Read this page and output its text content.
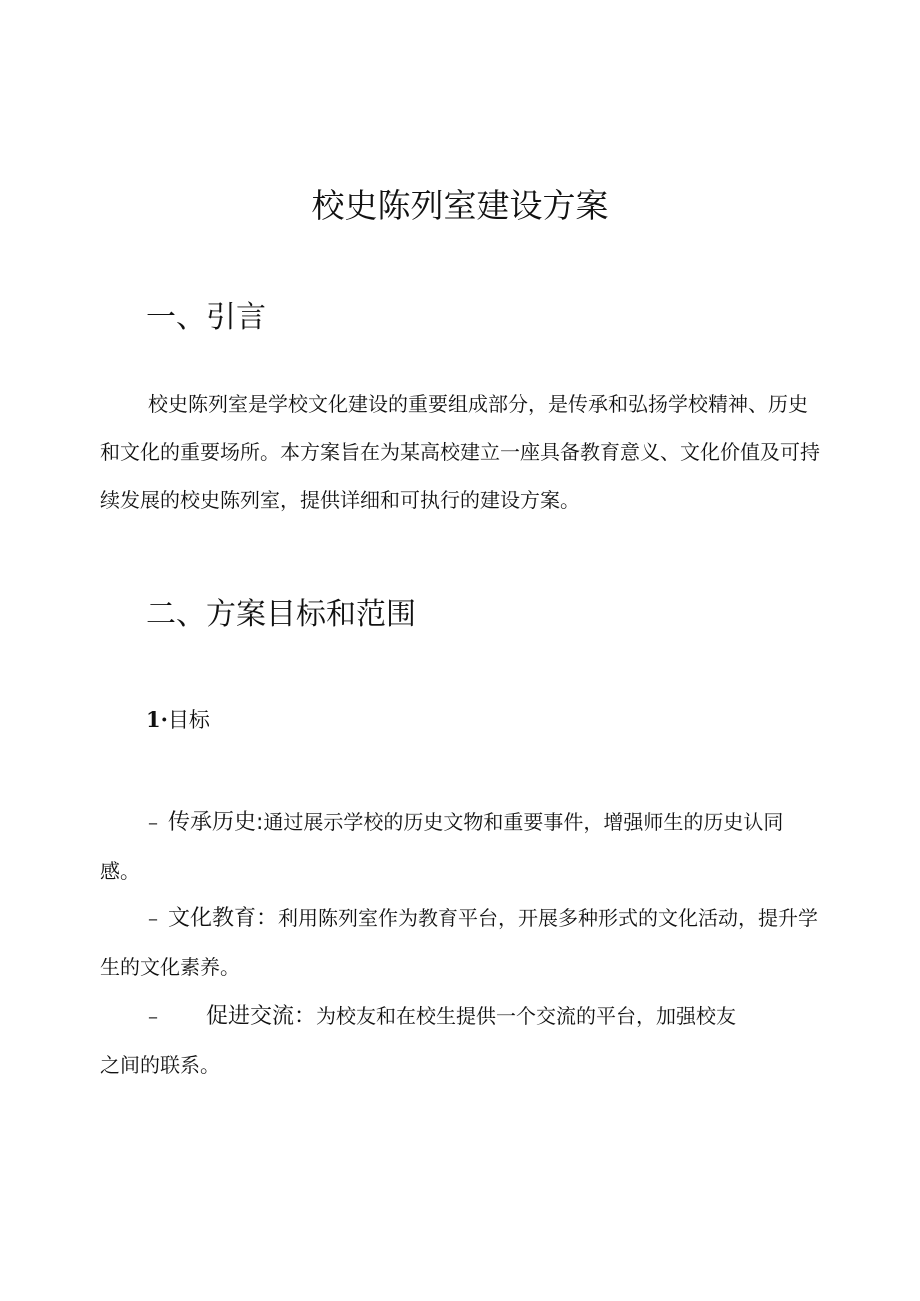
校史陈列室建设方案
一、引言

校史陈列室是学校文化建设的重要组成部分，是传承和弘扬学校精神、历史和文化的重要场所。本方案旨在为某高校建立一座具备教育意义、文化价值及可持续发展的校史陈列室，提供详细和可执行的建设方案。

二、方案目标和范围
1·目标

– 传承历史:通过展示学校的历史文物和重要事件，增强师生的历史认同感。

– 文化教育：利用陈列室作为教育平台，开展多种形式的文化活动，提升学生的文化素养。

– 促进交流：为校友和在校生提供一个交流的平台，加强校友
之间的联系。
